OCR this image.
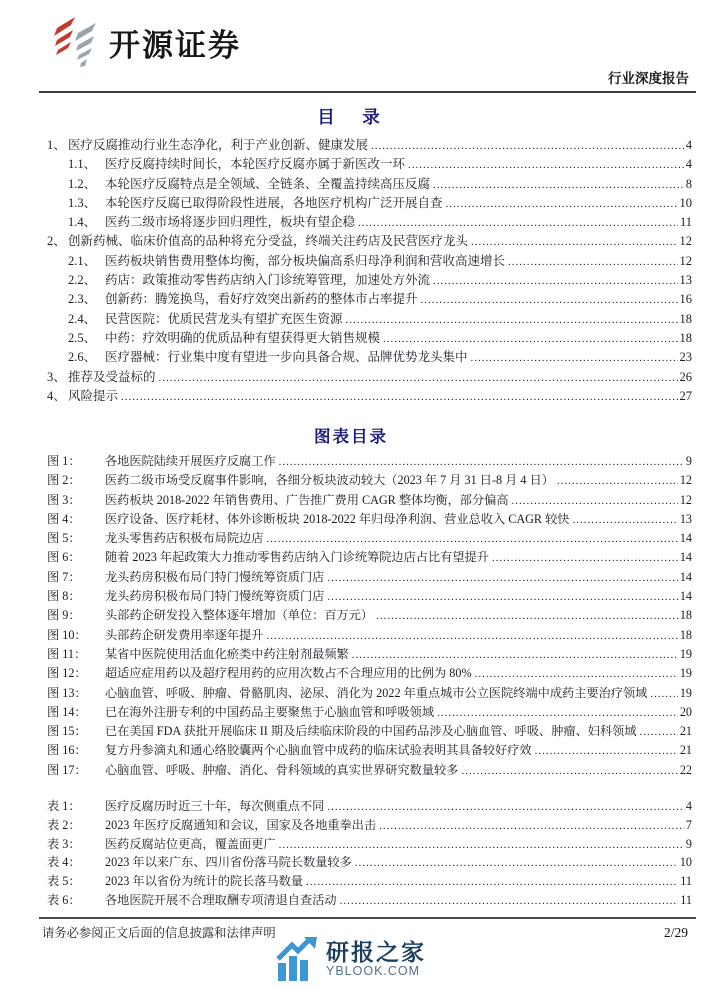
开源证券
行业深度报告
目　录
1、 医疗反腐推动行业生态净化，利于产业创新、健康发展 .....	4
1.1、 医疗反腐持续时间长，本轮医疗反腐亦属于新医改一环 .....	4
1.2、 本轮医疗反腐特点是全领域、全链条、全覆盖持续高压反腐 .....	8
1.3、 本轮医疗反腐已取得阶段性进展，各地医疗机构广泛开展自查 .....	10
1.4、 医药二级市场将逐步回归理性，板块有望企稳 .....	11
2、 创新药械、临床价值高的品种将充分受益，终端关注药店及民营医疗龙头 .....	12
2.1、 医药板块销售费用整体均衡，部分板块偏高系归母净利润和营收高速增长 .....	12
2.2、 药店：政策推动零售药店纳入门诊统筹管理，加速处方外流 .....	13
2.3、 创新药：腾笼换鸟，看好疗效突出新药的整体市占率提升 .....	16
2.4、 民营医院：优质民营龙头有望扩充医生资源 .....	18
2.5、 中药：疗效明确的优质品种有望获得更大销售规模 .....	18
2.6、 医疗器械：行业集中度有望进一步向具备合规、品牌优势龙头集中 .....	23
3、 推荐及受益标的 .....	26
4、 风险提示 .....	27
图表目录
图 1：	各地医院陆续开展医疗反腐工作 .....	9
图 2：	医药二级市场受反腐事件影响，各细分板块波动较大（2023 年 7 月 31 日-8 月 4 日） .....	12
图 3：	医药板块 2018-2022 年销售费用、广告推广费用 CAGR 整体均衡，部分偏高 .....	12
图 4：	医疗设备、医疗耗材、体外诊断板块 2018-2022 年归母净利润、营业总收入 CAGR 较快 .....	13
图 5：	龙头零售药店积极布局院边店 .....	14
图 6：	随着 2023 年起政策大力推动零售药店纳入门诊统筹院边店占比有望提升 .....	14
图 7：	龙头药房积极布局门特门慢统筹资质门店 .....	14
图 8：	龙头药房积极布局门特门慢统筹资质门店 .....	14
图 9：	头部药企研发投入整体逐年增加（单位：百万元） .....	18
图 10：	头部药企研发费用率逐年提升 .....	18
图 11：	某省中医院使用活血化瘀类中药注射剂最频繁 .....	19
图 12：	超适应症用药以及超疗程用药的应用次数占不合理应用的比例为 80% .....	19
图 13：	心脑血管、呼吸、肿瘤、骨骼肌肉、泌尿、消化为 2022 年重点城市公立医院终端中成药主要治疗领域 .....	19
图 14：	已在海外注册专利的中国药品主要聚焦于心脑血管和呼吸领域 .....	20
图 15：	已在美国 FDA 获批开展临床 II 期及后续临床阶段的中国药品涉及心脑血管、呼吸、肿瘤、妇科领域 .....	21
图 16：	复方丹参滴丸和通心络胶囊两个心脑血管中成药的临床试验表明其具备较好疗效 .....	21
图 17：	心脑血管、呼吸、肿瘤、消化、骨科领域的真实世界研究数量较多 .....	22
表 1：	医疗反腐历时近三十年，每次侧重点不同 .....	4
表 2：	2023 年医疗反腐通知和会议，国家及各地重拳出击 .....	7
表 3：	医药反腐站位更高，覆盖面更广 .....	9
表 4：	2023 年以来广东、四川省份落马院长数量较多 .....	10
表 5：	2023 年以省份为统计的院长落马数量 .....	11
表 6：	各地医院开展不合理取酬专项清退自查活动 .....	11
请务必参阅正文后面的信息披露和法律声明	2/29
研报之家
YBLOOK.COM
